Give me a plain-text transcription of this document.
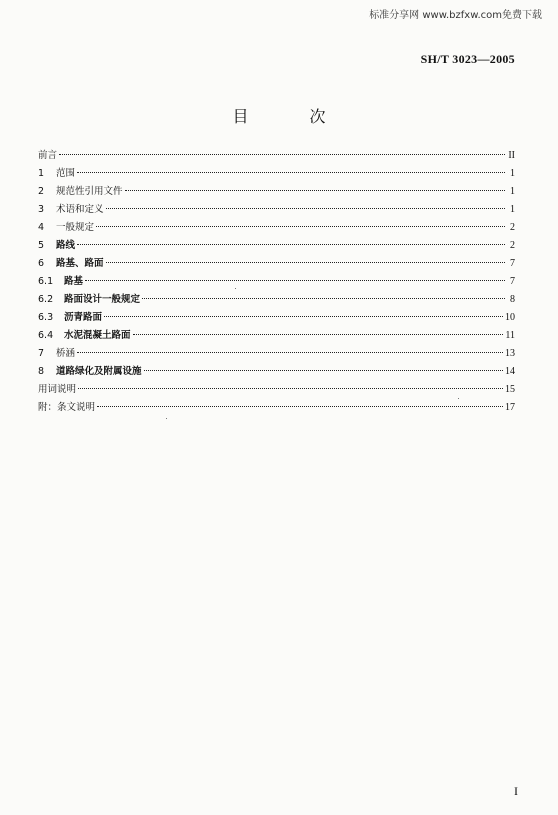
标准分享网 www.bzfxw.com免费下载
SH/T 3023—2005
目 次
前言	II
1	范围	1
2	规范性引用文件	1
3	术语和定义	1
4	一般规定	2
5	路线	2
6	路基、路面	7
6.1	路基	7
6.2	路面设计一般规定	8
6.3	沥青路面	10
6.4	水泥混凝土路面	11
7	桥涵	13
8	道路绿化及附属设施	14
用词说明	15
附：条文说明	17
I
